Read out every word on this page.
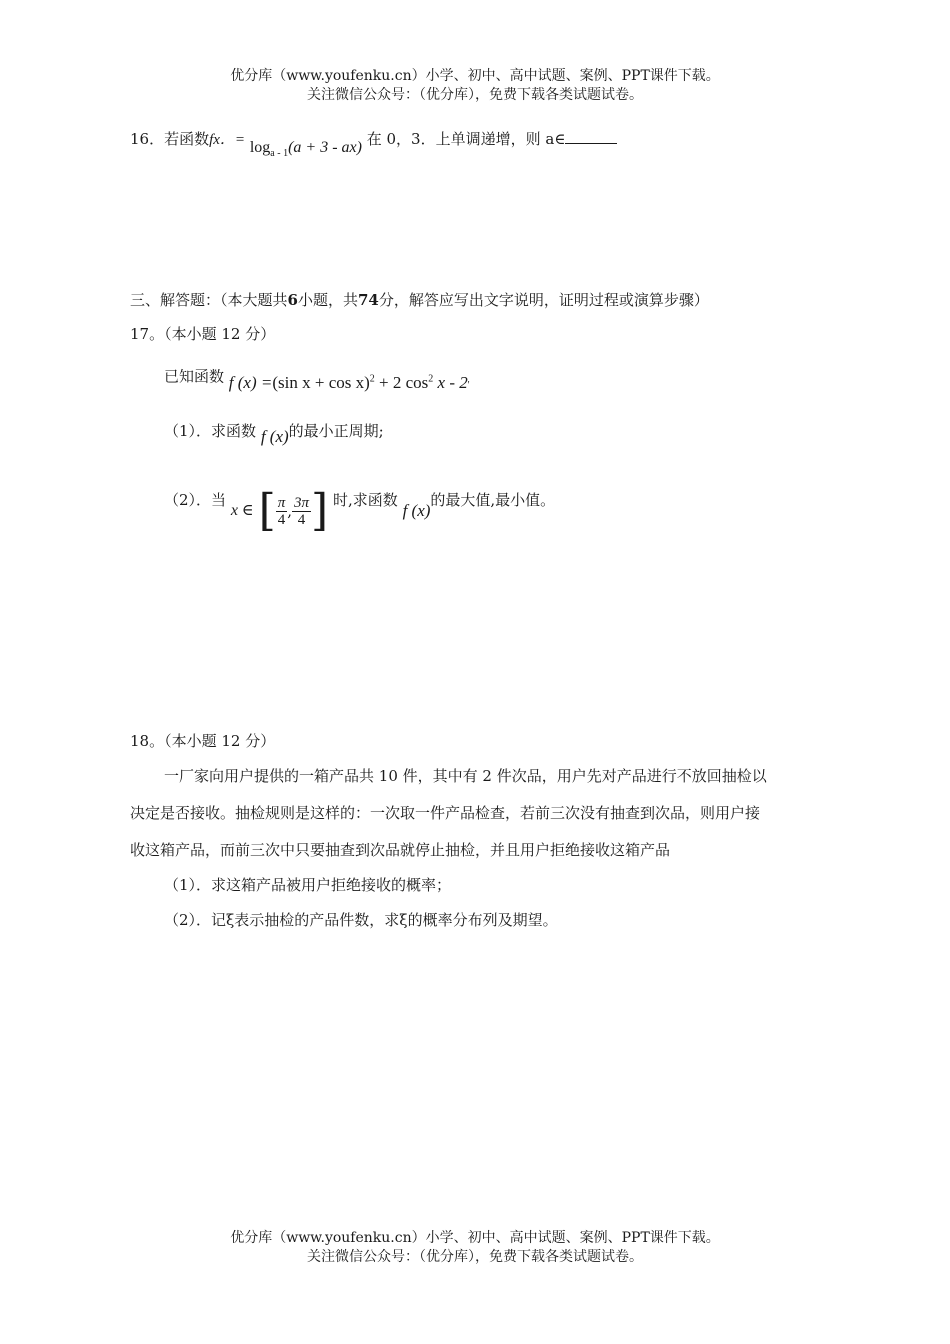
优分库（www.youfenku.cn）小学、初中、高中试题、案例、PPT课件下载。
关注微信公众号：（优分库），免费下载各类试题试卷。
16．若函数fx．= $\log_{a - 1}(a + 3 - ax)$ 在 0，3．上单调递增，则 a∈
三、解答题：（本大题共6小题，共74分，解答应写出文字说明，证明过程或演算步骤）
17。（本小题 12 分）
已知函数 f (x) =(sin x + cos x)$^2$ + 2 $\cos^2 x - 2'$
（1）．求函数 f (x)的最小正周期;
（2）．当 x ∈ [ $\frac{\pi}{4}$ , $\frac{3\pi}{4}$ ] 时,求函数 f (x)的最大值,最小值。
18。（本小题 12 分）
一厂家向用户提供的一箱产品共 10 件，其中有 2 件次品，用户先对产品进行不放回抽检以
决定是否接收。抽检规则是这样的：一次取一件产品检查，若前三次没有抽查到次品，则用户接
收这箱产品，而前三次中只要抽查到次品就停止抽检，并且用户拒绝接收这箱产品
（1）．求这箱产品被用户拒绝接收的概率；
（2）．记ξ表示抽检的产品件数，求ξ的概率分布列及期望。
优分库（www.youfenku.cn）小学、初中、高中试题、案例、PPT课件下载。
关注微信公众号：（优分库），免费下载各类试题试卷。
